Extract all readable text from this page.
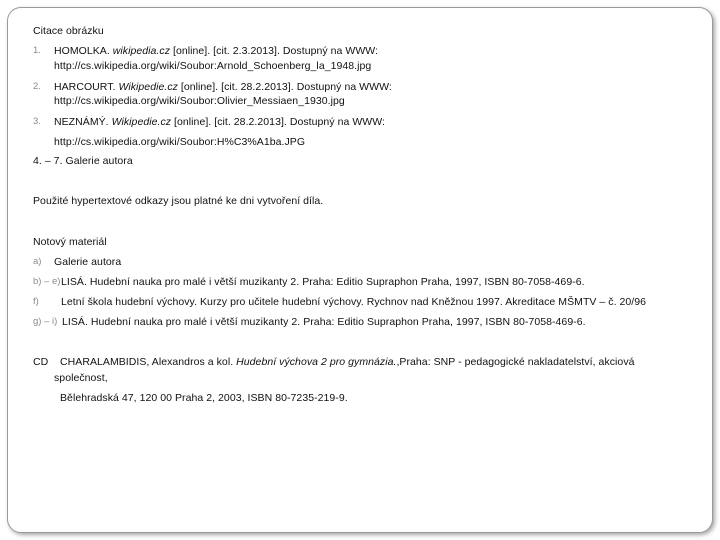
Citace obrázku
1. HOMOLKA. wikipedia.cz [online]. [cit. 2.3.2013]. Dostupný na WWW:
http://cs.wikipedia.org/wiki/Soubor:Arnold_Schoenberg_la_1948.jpg
2. HARCOURT. Wikipedie.cz [online]. [cit. 28.2.2013]. Dostupný na WWW:
http://cs.wikipedia.org/wiki/Soubor:Olivier_Messiaen_1930.jpg
3. NEZNÁMÝ. Wikipedie.cz [online]. [cit. 28.2.2013]. Dostupný na WWW:
http://cs.wikipedia.org/wiki/Soubor:H%C3%A1ba.JPG
4. – 7. Galerie autora
Použité hypertextové odkazy jsou platné ke dni vytvoření díla.
Notový materiál
a) Galerie autora
b) – e) LISÁ. Hudební nauka pro malé i větší muzikanty 2. Praha: Editio Supraphon Praha, 1997, ISBN 80-7058-469-6.
f) Letní škola hudební výchovy. Kurzy pro učitele hudební výchovy. Rychnov nad Kněžnou 1997. Akreditace MŠMTV – č. 20/96
g) – i) LISÁ. Hudební nauka pro malé i větší muzikanty 2. Praha: Editio Supraphon Praha, 1997, ISBN 80-7058-469-6.
CD CHARALAMBIDIS, Alexandros a kol. Hudební výchova 2 pro gymnázia.,Praha: SNP - pedagogické nakladatelství, akciová
společnost,
Bělehradská 47, 120 00 Praha 2, 2003, ISBN 80-7235-219-9.
